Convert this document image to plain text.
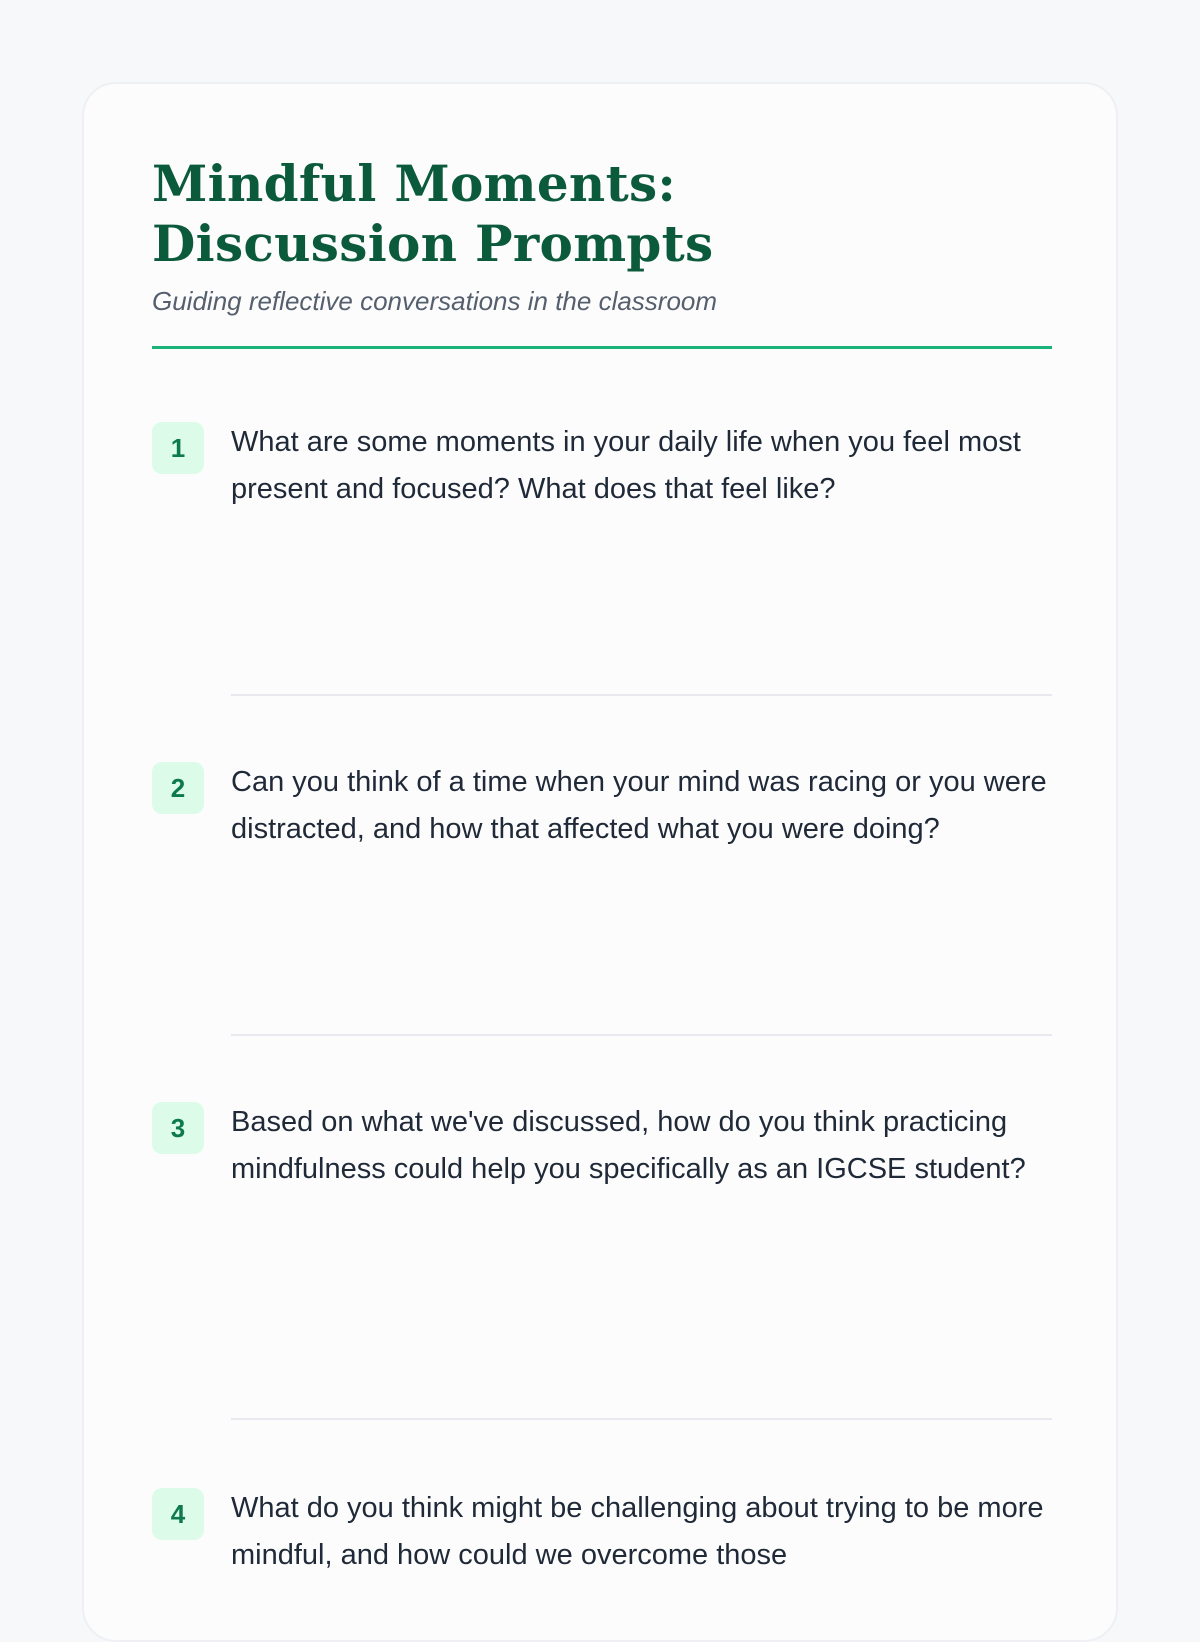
Mindful Moments: Discussion Prompts

Guiding reflective conversations in the classroom

1	What are some moments in your daily life when you feel most present and focused? What does that feel like?

2	Can you think of a time when your mind was racing or you were distracted, and how that affected what you were doing?

3	Based on what we've discussed, how do you think practicing mindfulness could help you specifically as an IGCSE student?

4	What do you think might be challenging about trying to be more mindful, and how could we overcome those
